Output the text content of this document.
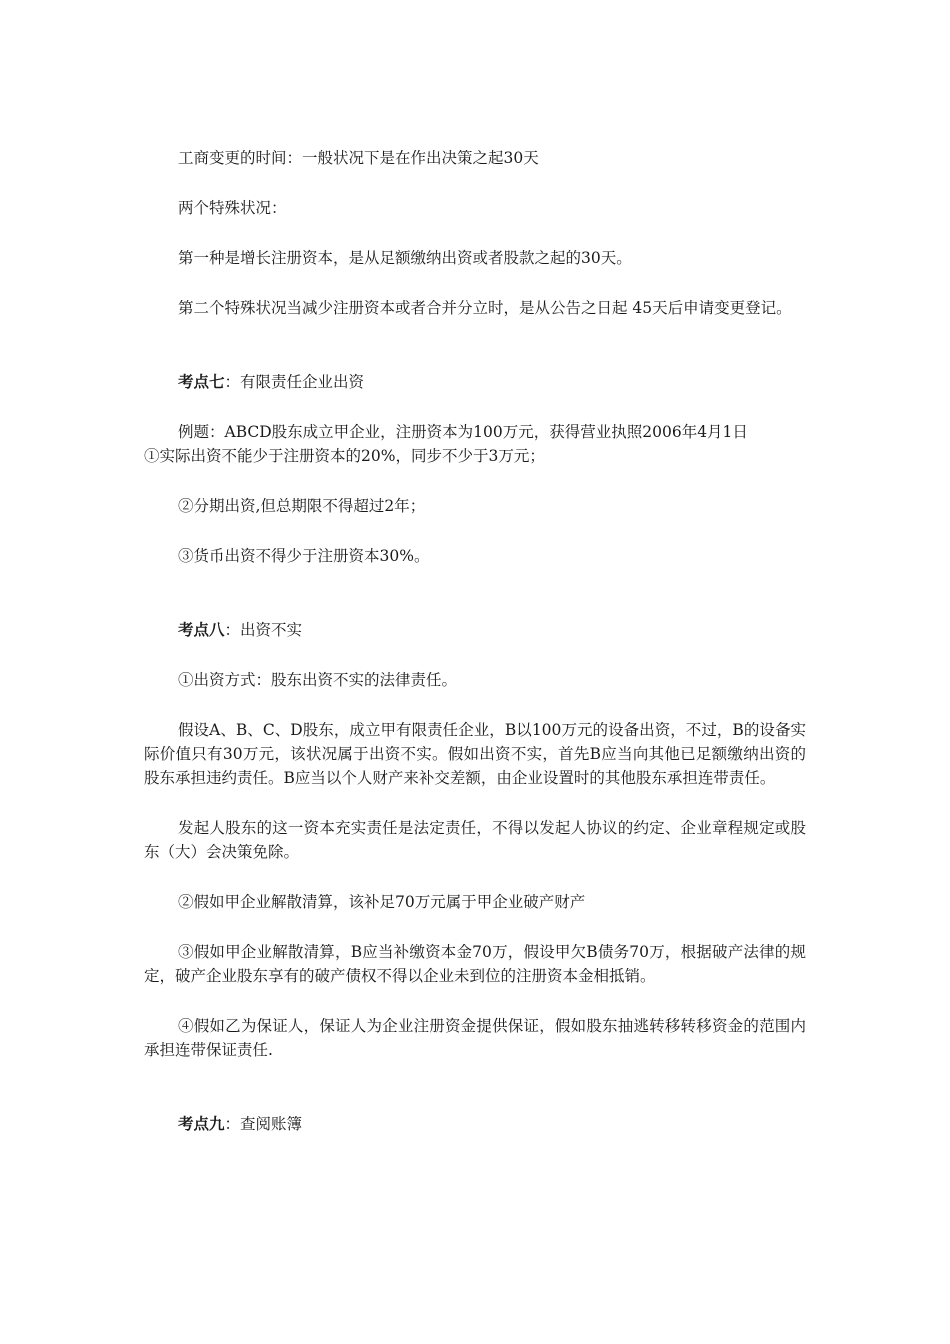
工商变更的时间：一般状况下是在作出决策之起30天

两个特殊状况：

第一种是增长注册资本，是从足额缴纳出资或者股款之起的30天。

第二个特殊状况当减少注册资本或者合并分立时，是从公告之日起 45天后申请变更登记。

考点七：有限责任企业出资

例题：ABCD股东成立甲企业，注册资本为100万元，获得营业执照2006年4月1日

①实际出资不能少于注册资本的20%，同步不少于3万元；

②分期出资,但总期限不得超过2年；

③货币出资不得少于注册资本30%。

考点八：出资不实

①出资方式：股东出资不实的法律责任。

假设A、B、C、D股东，成立甲有限责任企业，B以100万元的设备出资，不过，B的设备实际价值只有30万元，该状况属于出资不实。假如出资不实，首先B应当向其他已足额缴纳出资的股东承担违约责任。B应当以个人财产来补交差额，由企业设置时的其他股东承担连带责任。

发起人股东的这一资本充实责任是法定责任，不得以发起人协议的约定、企业章程规定或股东（大）会决策免除。

②假如甲企业解散清算，该补足70万元属于甲企业破产财产

③假如甲企业解散清算，B应当补缴资本金70万，假设甲欠B债务70万，根据破产法律的规定，破产企业股东享有的破产债权不得以企业未到位的注册资本金相抵销。

④假如乙为保证人，保证人为企业注册资金提供保证，假如股东抽逃转移转移资金的范围内承担连带保证责任.

考点九：查阅账簿
